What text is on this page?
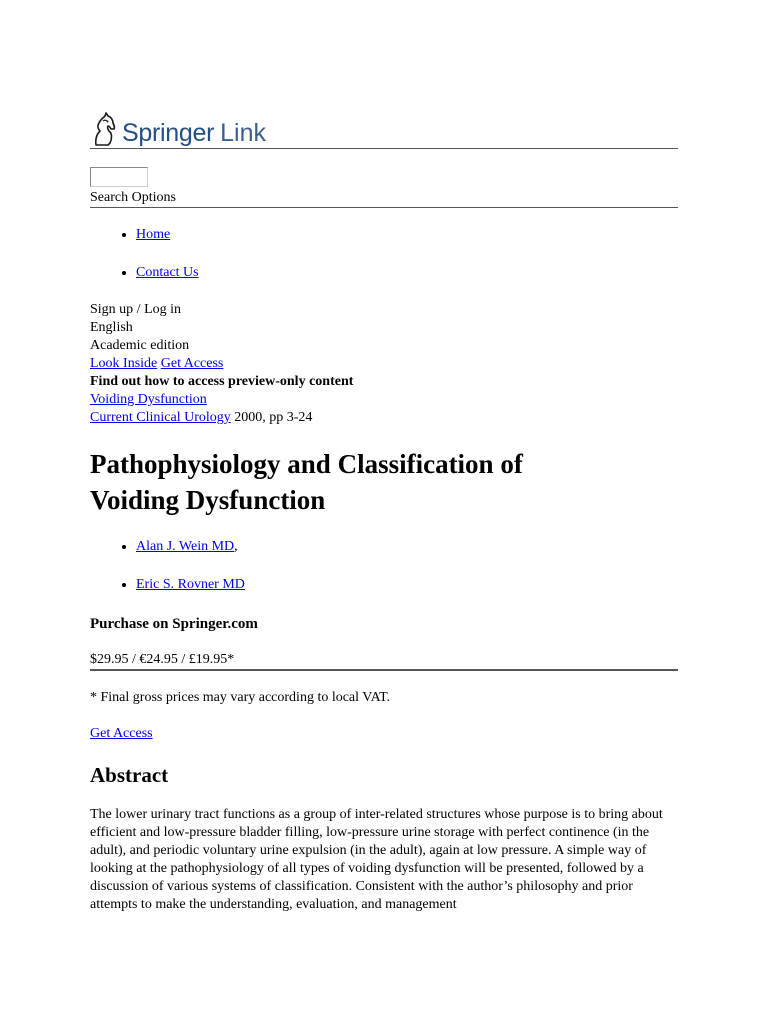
Springer Link
Search Options
• Home
• Contact Us
Sign up / Log in
English
Academic edition
Look Inside Get Access
Find out how to access preview-only content
Voiding Dysfunction
Current Clinical Urology 2000, pp 3-24
Pathophysiology and Classification of Voiding Dysfunction
• Alan J. Wein MD,
• Eric S. Rovner MD
Purchase on Springer.com
$29.95 / €24.95 / £19.95*
* Final gross prices may vary according to local VAT.
Get Access
Abstract
The lower urinary tract functions as a group of inter-related structures whose purpose is to bring about efficient and low-pressure bladder filling, low-pressure urine storage with perfect continence (in the adult), and periodic voluntary urine expulsion (in the adult), again at low pressure. A simple way of looking at the pathophysiology of all types of voiding dysfunction will be presented, followed by a discussion of various systems of classification. Consistent with the author’s philosophy and prior attempts to make the understanding, evaluation, and management
